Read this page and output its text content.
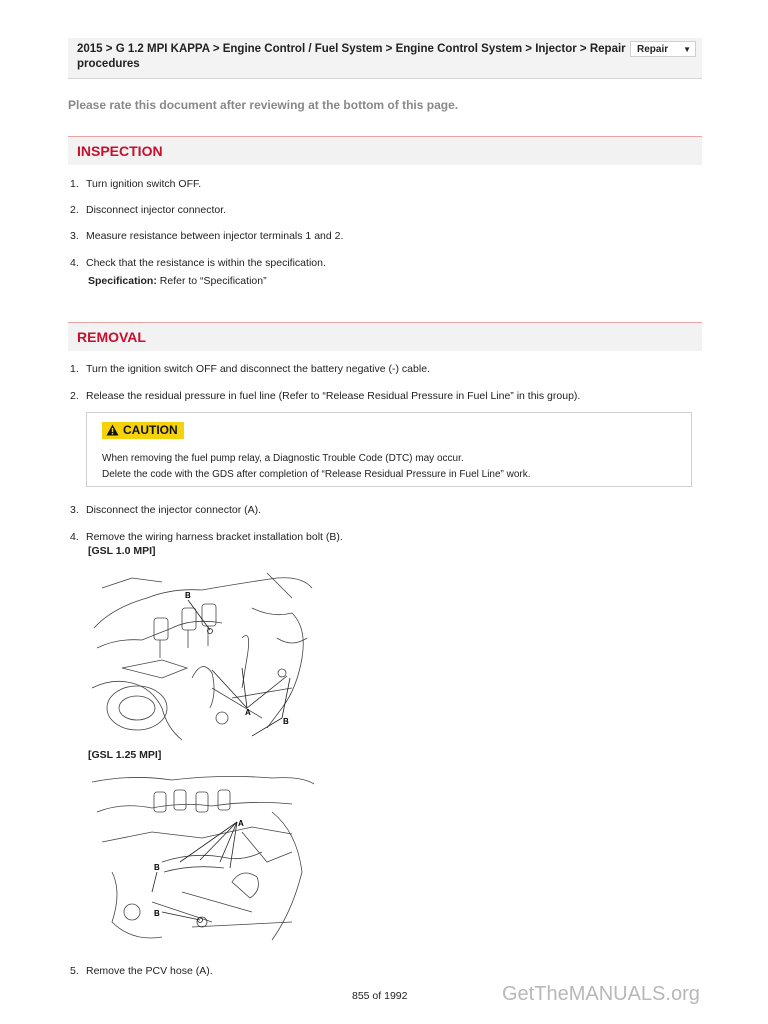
2015 > G 1.2 MPI KAPPA > Engine Control / Fuel System > Engine Control System > Injector > Repair procedures
Repair ▼
Please rate this document after reviewing at the bottom of this page.
INSPECTION
1. Turn ignition switch OFF.
2. Disconnect injector connector.
3. Measure resistance between injector terminals 1 and 2.
4. Check that the resistance is within the specification.
Specification: Refer to “Specification”
REMOVAL
1. Turn the ignition switch OFF and disconnect the battery negative (-) cable.
2. Release the residual pressure in fuel line (Refer to “Release Residual Pressure in Fuel Line” in this group).
CAUTION
When removing the fuel pump relay, a Diagnostic Trouble Code (DTC) may occur.
Delete the code with the GDS after completion of “Release Residual Pressure in Fuel Line” work.
3. Disconnect the injector connector (A).
4. Remove the wiring harness bracket installation bolt (B).
[GSL 1.0 MPI]
B
A
B
[GSL 1.25 MPI]
A
B
B
5. Remove the PCV hose (A).
855 of 1992	GetTheMANUALS.org
